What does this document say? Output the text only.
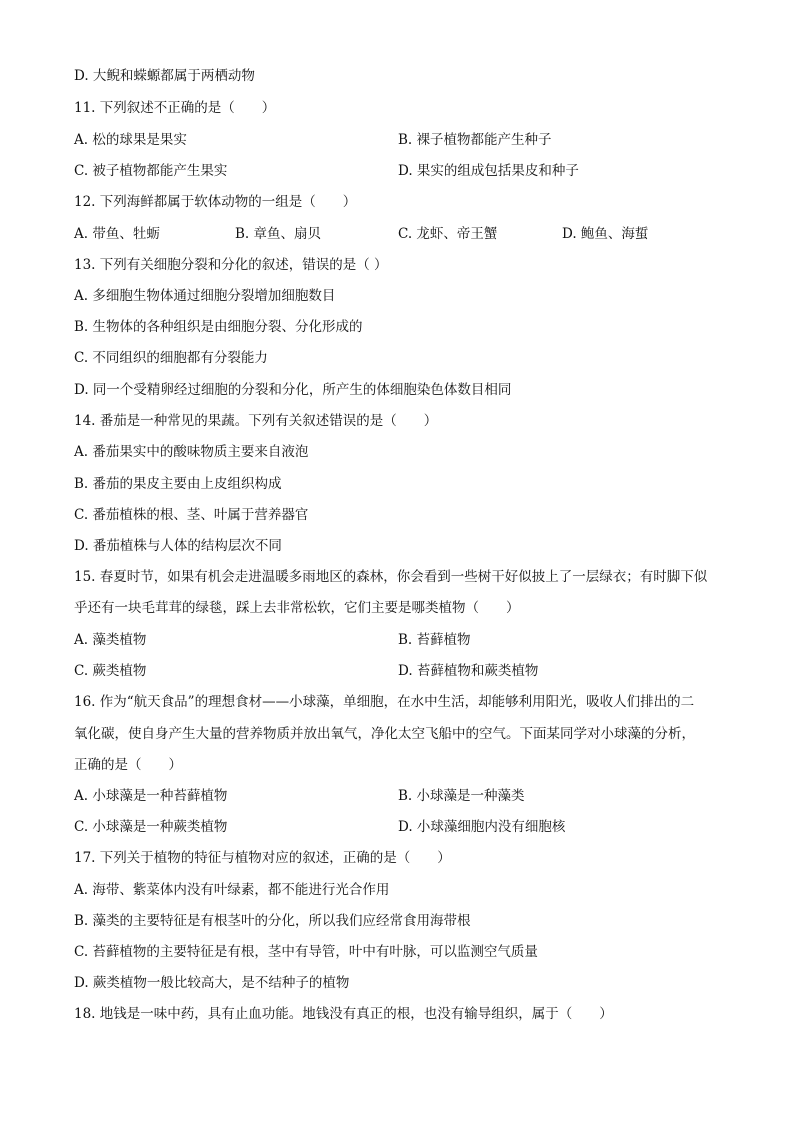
D. 大鲵和蝾螈都属于两栖动物
11. 下列叙述不正确的是（　　）
A. 松的球果是果实	B. 裸子植物都能产生种子
C. 被子植物都能产生果实	D. 果实的组成包括果皮和种子
12. 下列海鲜都属于软体动物的一组是（　　）
A. 带鱼、牡蛎	B. 章鱼、扇贝	C. 龙虾、帝王蟹	D. 鲍鱼、海蜇
13. 下列有关细胞分裂和分化的叙述，错误的是（ ）
A. 多细胞生物体通过细胞分裂增加细胞数目
B. 生物体的各种组织是由细胞分裂、分化形成的
C. 不同组织的细胞都有分裂能力
D. 同一个受精卵经过细胞的分裂和分化，所产生的体细胞染色体数目相同
14. 番茄是一种常见的果蔬。下列有关叙述错误的是（　　）
A. 番茄果实中的酸味物质主要来自液泡
B. 番茄的果皮主要由上皮组织构成
C. 番茄植株的根、茎、叶属于营养器官
D. 番茄植株与人体的结构层次不同
15. 春夏时节，如果有机会走进温暖多雨地区的森林，你会看到一些树干好似披上了一层绿衣；有时脚下似
乎还有一块毛茸茸的绿毯，踩上去非常松软，它们主要是哪类植物（　　）
A. 藻类植物	B. 苔藓植物
C. 蕨类植物	D. 苔藓植物和蕨类植物
16. 作为“航天食品”的理想食材——小球藻，单细胞，在水中生活，却能够利用阳光，吸收人们排出的二
氧化碳，使自身产生大量的营养物质并放出氧气，净化太空飞船中的空气。下面某同学对小球藻的分析，
正确的是（　　）
A. 小球藻是一种苔藓植物	B. 小球藻是一种藻类
C. 小球藻是一种蕨类植物	D. 小球藻细胞内没有细胞核
17. 下列关于植物的特征与植物对应的叙述，正确的是（　　）
A. 海带、紫菜体内没有叶绿素，都不能进行光合作用
B. 藻类的主要特征是有根茎叶的分化，所以我们应经常食用海带根
C. 苔藓植物的主要特征是有根，茎中有导管，叶中有叶脉，可以监测空气质量
D. 蕨类植物一般比较高大，是不结种子的植物
18. 地钱是一味中药，具有止血功能。地钱没有真正的根，也没有输导组织，属于（　　）
